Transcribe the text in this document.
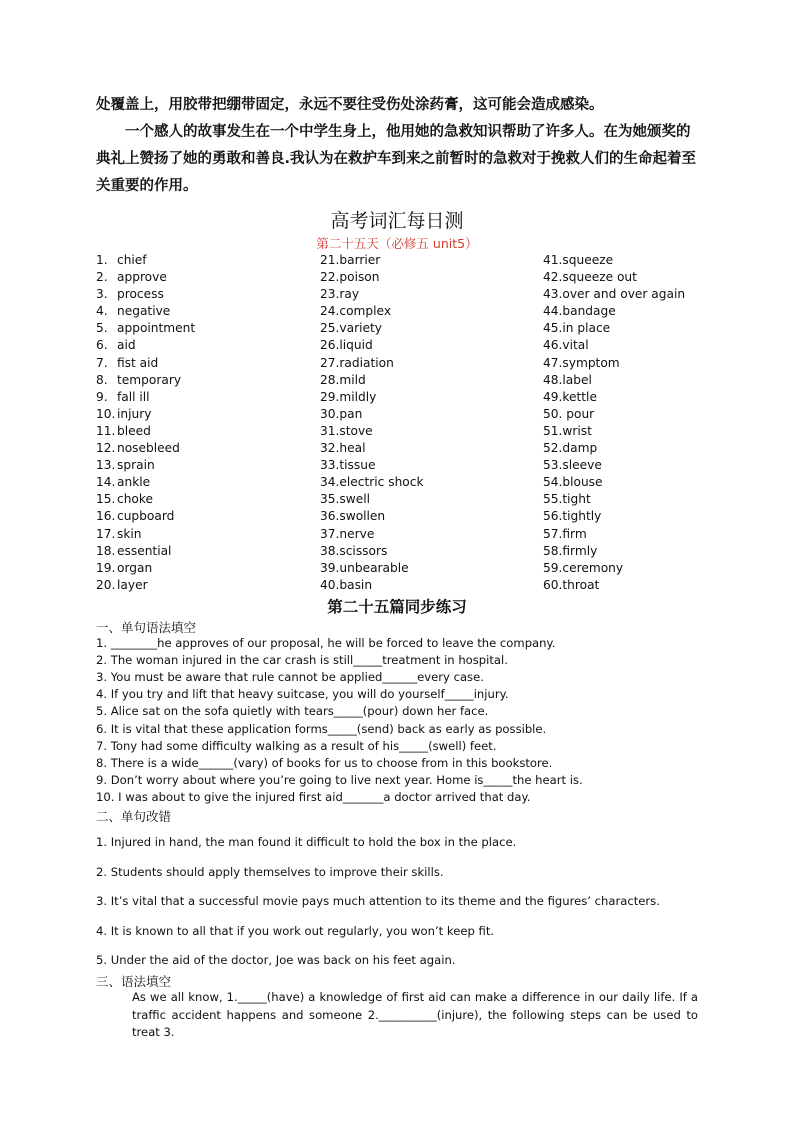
处覆盖上，用胶带把绷带固定，永远不要往受伤处涂药膏，这可能会造成感染。

一个感人的故事发生在一个中学生身上，他用她的急救知识帮助了许多人。在为她颁奖的典礼上赞扬了她的勇敢和善良.我认为在救护车到来之前暂时的急救对于挽救人们的生命起着至关重要的作用。

高考词汇每日测
第二十五天（必修五 unit5）
1. chief
2. approve
3. process
4. negative
5. appointment
6. aid
7. fist aid
8. temporary
9. fall ill
10. injury
11. bleed
12. nosebleed
13. sprain
14. ankle
15. choke
16. cupboard
17. skin
18. essential
19. organ
20. layer
21.barrier
22.poison
23.ray
24.complex
25.variety
26.liquid
27.radiation
28.mild
29.mildly
30.pan
31.stove
32.heal
33.tissue
34.electric shock
35.swell
36.swollen
37.nerve
38.scissors
39.unbearable
40.basin
41.squeeze
42.squeeze out
43.over and over again
44.bandage
45.in place
46.vital
47.symptom
48.label
49.kettle
50. pour
51.wrist
52.damp
53.sleeve
54.blouse
55.tight
56.tightly
57.firm
58.firmly
59.ceremony
60.throat
第二十五篇同步练习
一、单句语法填空
1. ________he approves of our proposal, he will be forced to leave the company.
2. The woman injured in the car crash is still_____treatment in hospital.
3. You must be aware that rule cannot be applied______every case.
4. If you try and lift that heavy suitcase, you will do yourself_____injury.
5. Alice sat on the sofa quietly with tears_____(pour) down her face.
6. It is vital that these application forms_____(send) back as early as possible.
7. Tony had some difficulty walking as a result of his_____(swell) feet.
8. There is a wide______(vary) of books for us to choose from in this bookstore.
9. Don’t worry about where you’re going to live next year. Home is_____the heart is.
10. I was about to give the injured first aid_______a doctor arrived that day.
二、单句改错
1. Injured in hand, the man found it difficult to hold the box in the place.
2. Students should apply themselves to improve their skills.
3. It’s vital that a successful movie pays much attention to its theme and the figures’ characters.
4. It is known to all that if you work out regularly, you won’t keep fit.
5. Under the aid of the doctor, Joe was back on his feet again.
三、语法填空
As we all know, 1._____(have) a knowledge of first aid can make a difference in our daily life. If a traffic accident happens and someone 2.__________(injure), the following steps can be used to treat 3.
